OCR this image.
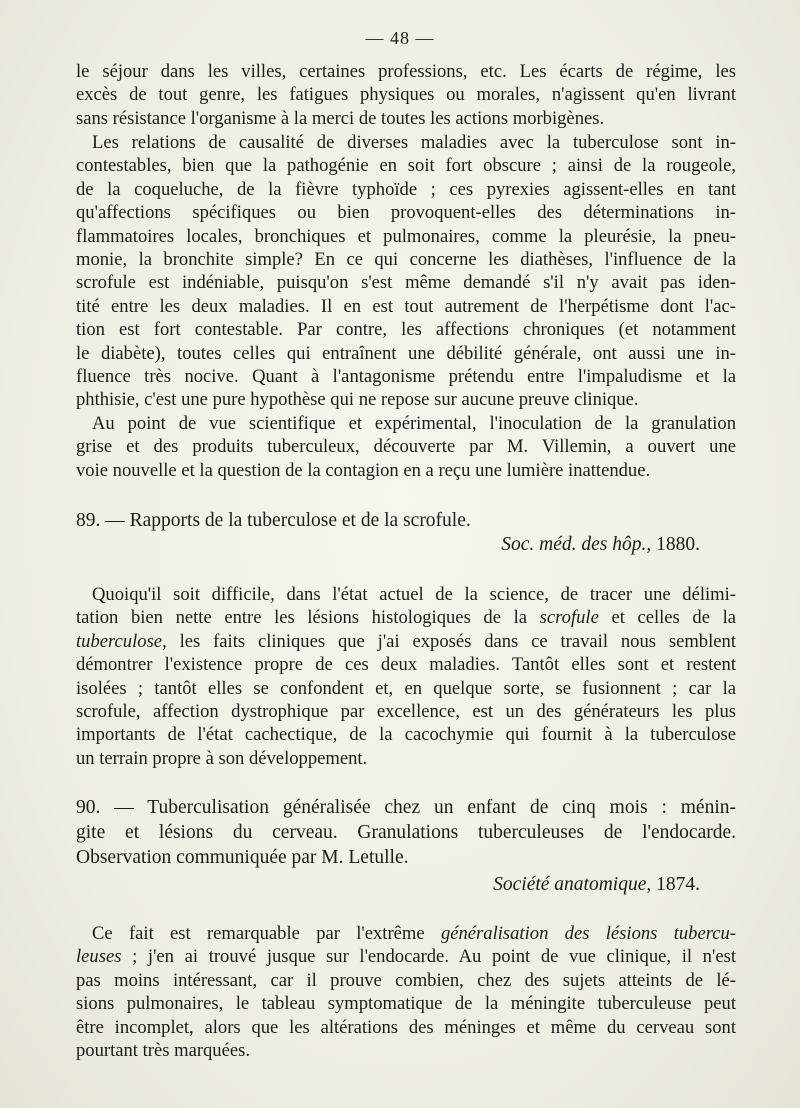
— 48 —
le séjour dans les villes, certaines professions, etc. Les écarts de régime, les
excès de tout genre, les fatigues physiques ou morales, n'agissent qu'en livrant
sans résistance l'organisme à la merci de toutes les actions morbigènes.
Les relations de causalité de diverses maladies avec la tuberculose sont in-
contestables, bien que la pathogénie en soit fort obscure ; ainsi de la rougeole,
de la coqueluche, de la fièvre typhoïde ; ces pyrexies agissent-elles en tant
qu'affections spécifiques ou bien provoquent-elles des déterminations in-
flammatoires locales, bronchiques et pulmonaires, comme la pleurésie, la pneu-
monie, la bronchite simple? En ce qui concerne les diathèses, l'influence de la
scrofule est indéniable, puisqu'on s'est même demandé s'il n'y avait pas iden-
tité entre les deux maladies. Il en est tout autrement de l'herpétisme dont l'ac-
tion est fort contestable. Par contre, les affections chroniques (et notamment
le diabète), toutes celles qui entraînent une débilité générale, ont aussi une in-
fluence très nocive. Quant à l'antagonisme prétendu entre l'impaludisme et la
phthisie, c'est une pure hypothèse qui ne repose sur aucune preuve clinique.
Au point de vue scientifique et expérimental, l'inoculation de la granulation
grise et des produits tuberculeux, découverte par M. Villemin, a ouvert une
voie nouvelle et la question de la contagion en a reçu une lumière inattendue.
89. — Rapports de la tuberculose et de la scrofule.
Soc. méd. des hôp., 1880.
Quoiqu'il soit difficile, dans l'état actuel de la science, de tracer une délimi-
tation bien nette entre les lésions histologiques de la scrofule et celles de la
tuberculose, les faits cliniques que j'ai exposés dans ce travail nous semblent
démontrer l'existence propre de ces deux maladies. Tantôt elles sont et restent
isolées ; tantôt elles se confondent et, en quelque sorte, se fusionnent ; car la
scrofule, affection dystrophique par excellence, est un des générateurs les plus
importants de l'état cachectique, de la cacochymie qui fournit à la tuberculose
un terrain propre à son développement.
90. — Tuberculisation généralisée chez un enfant de cinq mois : ménin-
gite et lésions du cerveau. Granulations tuberculeuses de l'endocarde.
Observation communiquée par M. Letulle.
Société anatomique, 1874.
Ce fait est remarquable par l'extrême généralisation des lésions tubercu-
leuses ; j'en ai trouvé jusque sur l'endocarde. Au point de vue clinique, il n'est
pas moins intéressant, car il prouve combien, chez des sujets atteints de lé-
sions pulmonaires, le tableau symptomatique de la méningite tuberculeuse peut
être incomplet, alors que les altérations des méninges et même du cerveau sont
pourtant très marquées.
